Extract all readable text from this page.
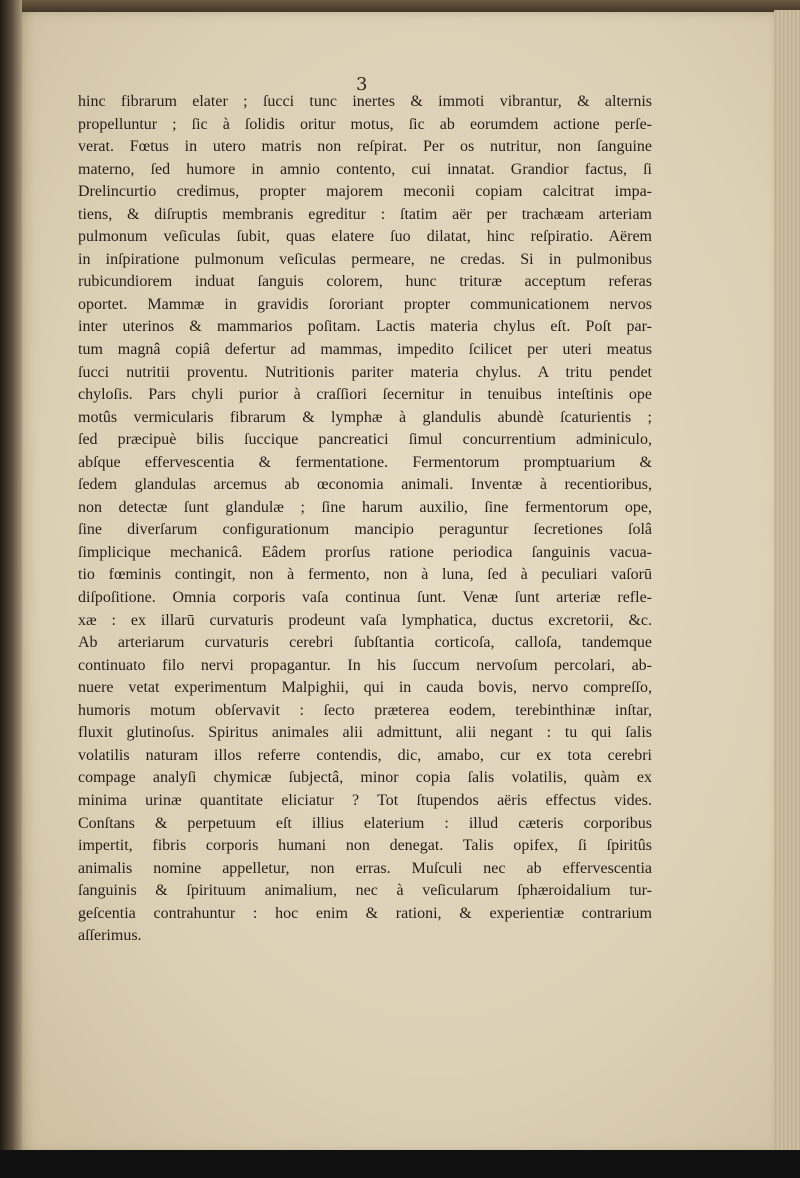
3
hinc fibrarum elater ; ſucci tunc inertes & immoti vibrantur, & alternis
propelluntur ; ſic à ſolidis oritur motus, ſic ab eorumdem actione perſe-
verat. Fœtus in utero matris non reſpirat. Per os nutritur, non ſanguine
materno, ſed humore in amnio contento, cui innatat. Grandior factus, ſi
Drelincurtio credimus, propter majorem meconii copiam calcitrat impa-
tiens, & diſruptis membranis egreditur : ſtatim aër per trachæam arteriam
pulmonum veſiculas ſubit, quas elatere ſuo dilatat, hinc reſpiratio. Aërem
in inſpiratione pulmonum veſiculas permeare, ne credas. Si in pulmonibus
rubicundiorem induat ſanguis colorem, hunc trituræ acceptum referas
oportet. Mammæ in gravidis ſororiant propter communicationem nervos
inter uterinos & mammarios poſitam. Lactis materia chylus eſt. Poſt par-
tum magnâ copiâ defertur ad mammas, impedito ſcilicet per uteri meatus
ſucci nutritii proventu. Nutritionis pariter materia chylus. A tritu pendet
chyloſis. Pars chyli purior à craſſiori ſecernitur in tenuibus inteſtinis ope
motûs vermicularis fibrarum & lymphæ à glandulis abundè ſcaturientis ;
ſed præcipuè bilis ſuccique pancreatici ſimul concurrentium adminiculo,
abſque effervescentia & fermentatione. Fermentorum promptuarium &
ſedem glandulas arcemus ab œconomia animali. Inventæ à recentioribus,
non detectæ ſunt glandulæ ; ſine harum auxilio, ſine fermentorum ope,
ſine diverſarum configurationum mancipio peraguntur ſecretiones ſolâ
ſimplicique mechanicâ. Eâdem prorſus ratione periodica ſanguinis vacua-
tio fœminis contingit, non à fermento, non à luna, ſed à peculiari vaſorū
diſpoſitione. Omnia corporis vaſa continua ſunt. Venæ ſunt arteriæ refle-
xæ : ex illarū curvaturis prodeunt vaſa lymphatica, ductus excretorii, &c.
Ab arteriarum curvaturis cerebri ſubſtantia corticoſa, calloſa, tandemque
continuato filo nervi propagantur. In his ſuccum nervoſum percolari, ab-
nuere vetat experimentum Malpighii, qui in cauda bovis, nervo compreſſo,
humoris motum obſervavit : ſecto præterea eodem, terebinthinæ inſtar,
fluxit glutinoſus. Spiritus animales alii admittunt, alii negant : tu qui ſalis
volatilis naturam illos referre contendis, dic, amabo, cur ex tota cerebri
compage analyſi chymicæ ſubjectâ, minor copia ſalis volatilis, quàm ex
minima urinæ quantitate eliciatur ? Tot ſtupendos aëris effectus vides.
Conſtans & perpetuum eſt illius elaterium : illud cæteris corporibus
impertit, fibris corporis humani non denegat. Talis opifex, ſi ſpiritûs
animalis nomine appelletur, non erras. Muſculi nec ab effervescentia
ſanguinis & ſpirituum animalium, nec à veſicularum ſphæroidalium tur-
geſcentia contrahuntur : hoc enim & rationi, & experientiæ contrarium
aſſerimus.
